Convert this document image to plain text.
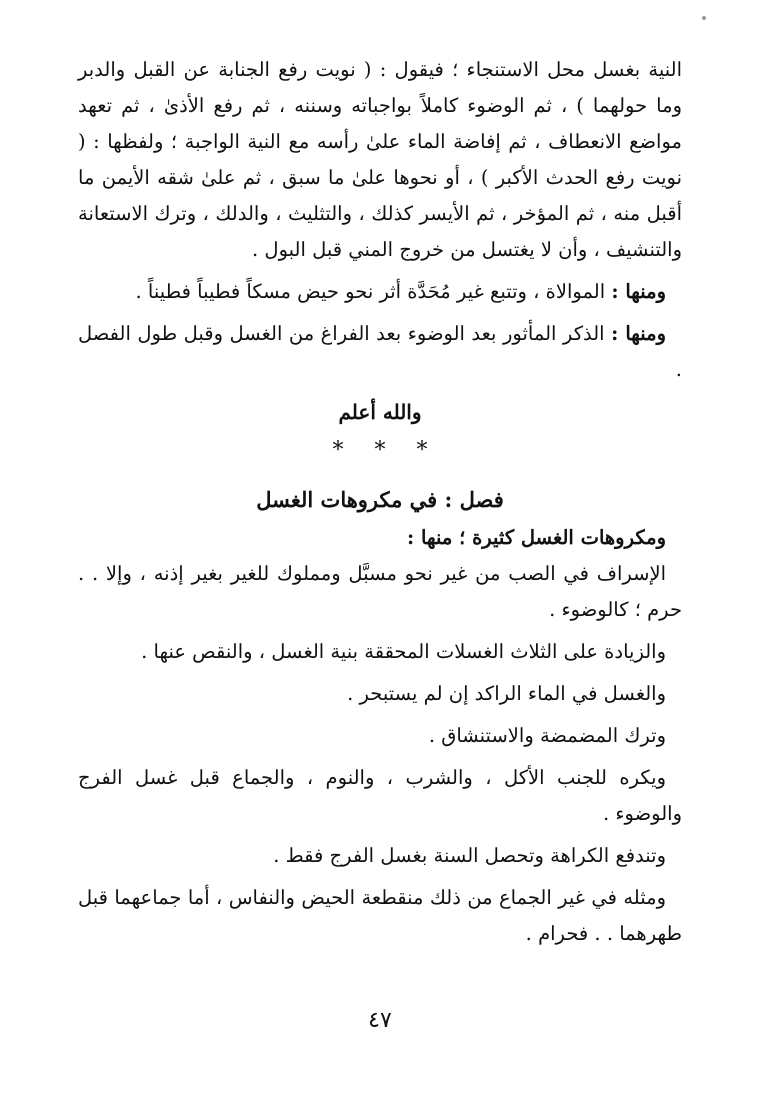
النية بغسل محل الاستنجاء ؛ فيقول : ( نويت رفع الجنابة عن القبل والدبر وما حولهما ) ، ثم الوضوء كاملاً بواجباته وسننه ، ثم رفع الأذىٰ ، ثم تعهد مواضع الانعطاف ، ثم إفاضة الماء علىٰ رأسه مع النية الواجبة ؛ ولفظها : ( نويت رفع الحدث الأكبر ) ، أو نحوها علىٰ ما سبق ، ثم علىٰ شقه الأيمن ما أقبل منه ، ثم المؤخر ، ثم الأيسر كذلك ، والتثليث ، والدلك ، وترك الاستعانة والتنشيف ، وأن لا يغتسل من خروج المني قبل البول .

ومنها : الموالاة ، وتتبع غير مُحَدَّة أثر نحو حيض مسكاً فطيباً فطيناً .

ومنها : الذكر المأثور بعد الوضوء بعد الفراغ من الغسل وقبل طول الفصل .

والله أعلم
* * *
فصل : في مكروهات الغسل
ومكروهات الغسل كثيرة ؛ منها :

الإسراف في الصب من غير نحو مسبَّل ومملوك للغير بغير إذنه ، وإلا . . حرم ؛ كالوضوء .

والزيادة على الثلاث الغسلات المحققة بنية الغسل ، والنقص عنها .

والغسل في الماء الراكد إن لم يستبحر .

وترك المضمضة والاستنشاق .

ويكره للجنب الأكل ، والشرب ، والنوم ، والجماع قبل غسل الفرج والوضوء .

وتندفع الكراهة وتحصل السنة بغسل الفرج فقط .

ومثله في غير الجماع من ذلك منقطعة الحيض والنفاس ، أما جماعهما قبل طهرهما . . فحرام .

٤٧
